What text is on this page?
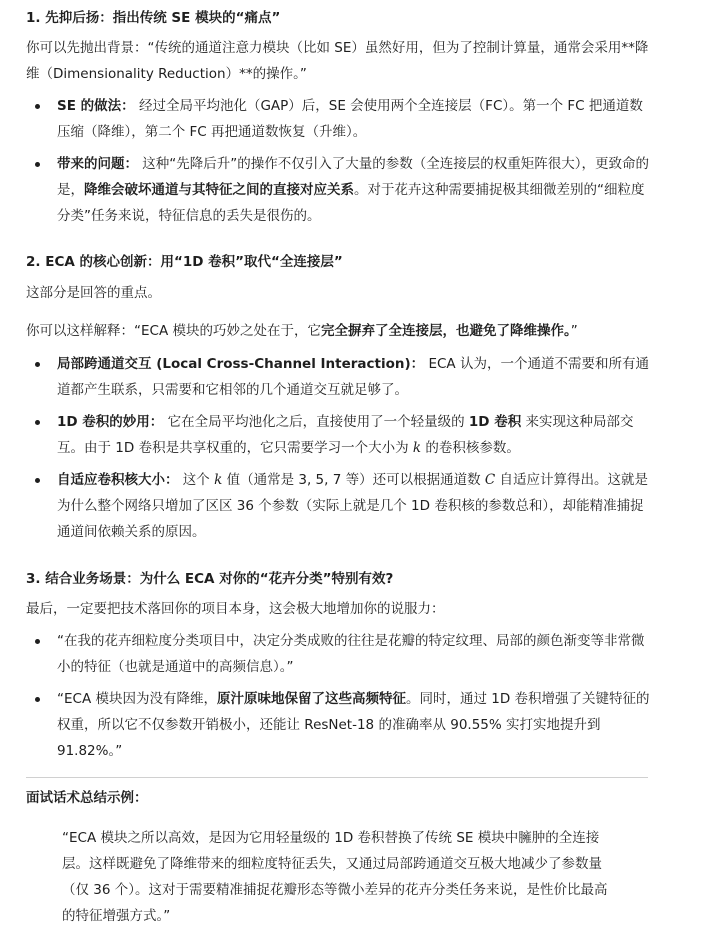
1. 先抑后扬：指出传统 SE 模块的“痛点”

你可以先抛出背景：“传统的通道注意力模块（比如 SE）虽然好用，但为了控制计算量，通常会采用**降维（Dimensionality Reduction）**的操作。”

SE 的做法： 经过全局平均池化（GAP）后，SE 会使用两个全连接层（FC）。第一个 FC 把通道数压缩（降维），第二个 FC 再把通道数恢复（升维）。
带来的问题： 这种“先降后升”的操作不仅引入了大量的参数（全连接层的权重矩阵很大），更致命的是，降维会破坏通道与其特征之间的直接对应关系。对于花卉这种需要捕捉极其细微差别的“细粒度分类”任务来说，特征信息的丢失是很伤的。
2. ECA 的核心创新：用“1D 卷积”取代“全连接层”

这部分是回答的重点。

你可以这样解释：“ECA 模块的巧妙之处在于，它完全摒弃了全连接层，也避免了降维操作。”

局部跨通道交互 (Local Cross-Channel Interaction)： ECA 认为，一个通道不需要和所有通道都产生联系，只需要和它相邻的几个通道交互就足够了。
1D 卷积的妙用： 它在全局平均池化之后，直接使用了一个轻量级的 1D 卷积 来实现这种局部交互。由于 1D 卷积是共享权重的，它只需要学习一个大小为 k 的卷积核参数。
自适应卷积核大小： 这个 k 值（通常是 3, 5, 7 等）还可以根据通道数 C 自适应计算得出。这就是为什么整个网络只增加了区区 36 个参数（实际上就是几个 1D 卷积核的参数总和），却能精准捕捉通道间依赖关系的原因。
3. 结合业务场景：为什么 ECA 对你的“花卉分类”特别有效?

最后，一定要把技术落回你的项目本身，这会极大地增加你的说服力：

“在我的花卉细粒度分类项目中，决定分类成败的往往是花瓣的特定纹理、局部的颜色渐变等非常微小的特征（也就是通道中的高频信息）。”
“ECA 模块因为没有降维，原汁原味地保留了这些高频特征。同时，通过 1D 卷积增强了关键特征的权重，所以它不仅参数开销极小，还能让 ResNet-18 的准确率从 90.55% 实打实地提升到 91.82%。”
面试话术总结示例：
“ECA 模块之所以高效，是因为它用轻量级的 1D 卷积替换了传统 SE 模块中臃肿的全连接层。这样既避免了降维带来的细粒度特征丢失，又通过局部跨通道交互极大地减少了参数量（仅 36 个）。这对于需要精准捕捉花瓣形态等微小差异的花卉分类任务来说，是性价比最高的特征增强方式。”
